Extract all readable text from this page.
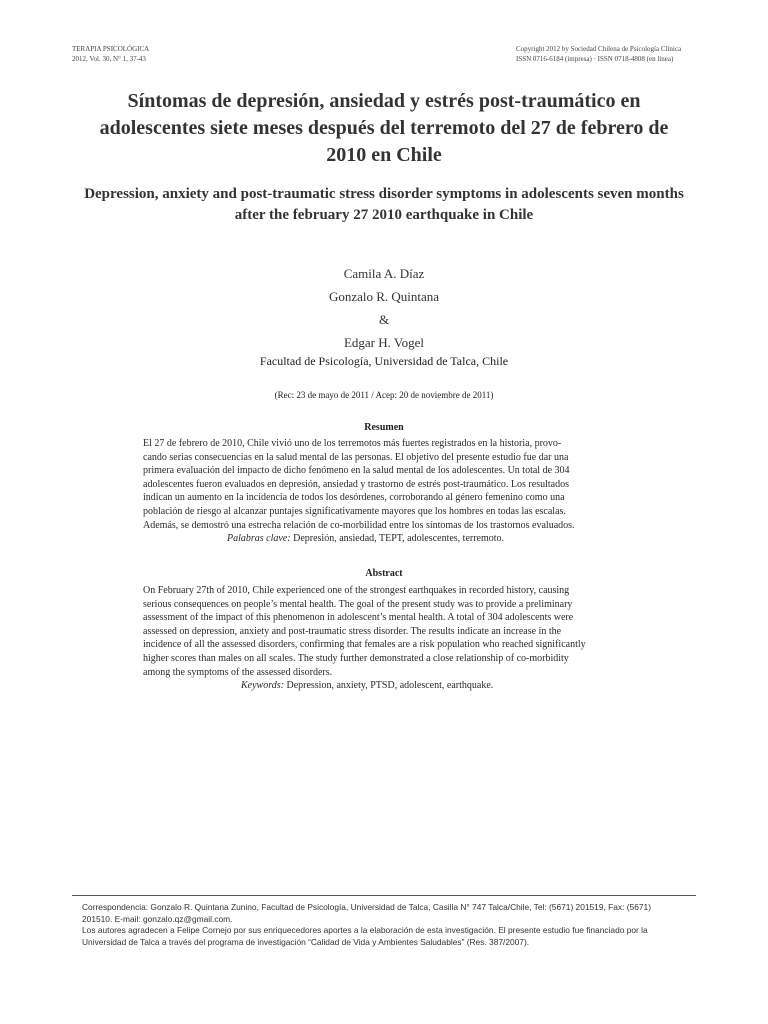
TERAPIA PSICOLÓGICA
2012, Vol. 30, N° 1, 37-43
Copyright 2012 by Sociedad Chilena de Psicología Clínica
ISSN 0716-6184 (impresa) · ISSN 0718-4808 (en línea)
Síntomas de depresión, ansiedad y estrés post-traumático en adolescentes siete meses después del terremoto del 27 de febrero de 2010 en Chile
Depression, anxiety and post-traumatic stress disorder symptoms in adolescents seven months after the february 27 2010 earthquake in Chile
Camila A. Díaz
Gonzalo R. Quintana
&
Edgar H. Vogel
Facultad de Psicología, Universidad de Talca, Chile
(Rec: 23 de mayo de 2011 / Acep: 20 de noviembre de 2011)
Resumen
El 27 de febrero de 2010, Chile vivió uno de los terremotos más fuertes registrados en la historia, provo-
cando serias consecuencias en la salud mental de las personas. El objetivo del presente estudio fue dar una
primera evaluación del impacto de dicho fenómeno en la salud mental de los adolescentes. Un total de 304
adolescentes fueron evaluados en depresión, ansiedad y trastorno de estrés post-traumático. Los resultados
indican un aumento en la incidencia de todos los desórdenes, corroborando al género femenino como una
población de riesgo al alcanzar puntajes significativamente mayores que los hombres en todas las escalas.
Además, se demostró una estrecha relación de co-morbilidad entre los síntomas de los trastornos evaluados.
Palabras clave: Depresión, ansiedad, TEPT, adolescentes, terremoto.
Abstract
On February 27th of 2010, Chile experienced one of the strongest earthquakes in recorded history, causing
serious consequences on people’s mental health. The goal of the present study was to provide a preliminary
assessment of the impact of this phenomenon in adolescent’s mental health. A total of 304 adolescents were
assessed on depression, anxiety and post-traumatic stress disorder. The results indicate an increase in the
incidence of all the assessed disorders, confirming that females are a risk population who reached significantly
higher scores than males on all scales. The study further demonstrated a close relationship of co-morbidity
among the symptoms of the assessed disorders.
Keywords: Depression, anxiety, PTSD, adolescent, earthquake.
Correspondencia: Gonzalo R. Quintana Zunino, Facultad de Psicología, Universidad de Talca, Casilla N° 747 Talca/Chile, Tel: (5671) 201519, Fax: (5671)
201510. E-mail: gonzalo.qz@gmail.com.
Los autores agradecen a Felipe Cornejo por sus enriquecedores aportes a la elaboración de esta investigación. El presente estudio fue financiado por la
Universidad de Talca a través del programa de investigación “Calidad de Vida y Ambientes Saludables” (Res. 387/2007).
